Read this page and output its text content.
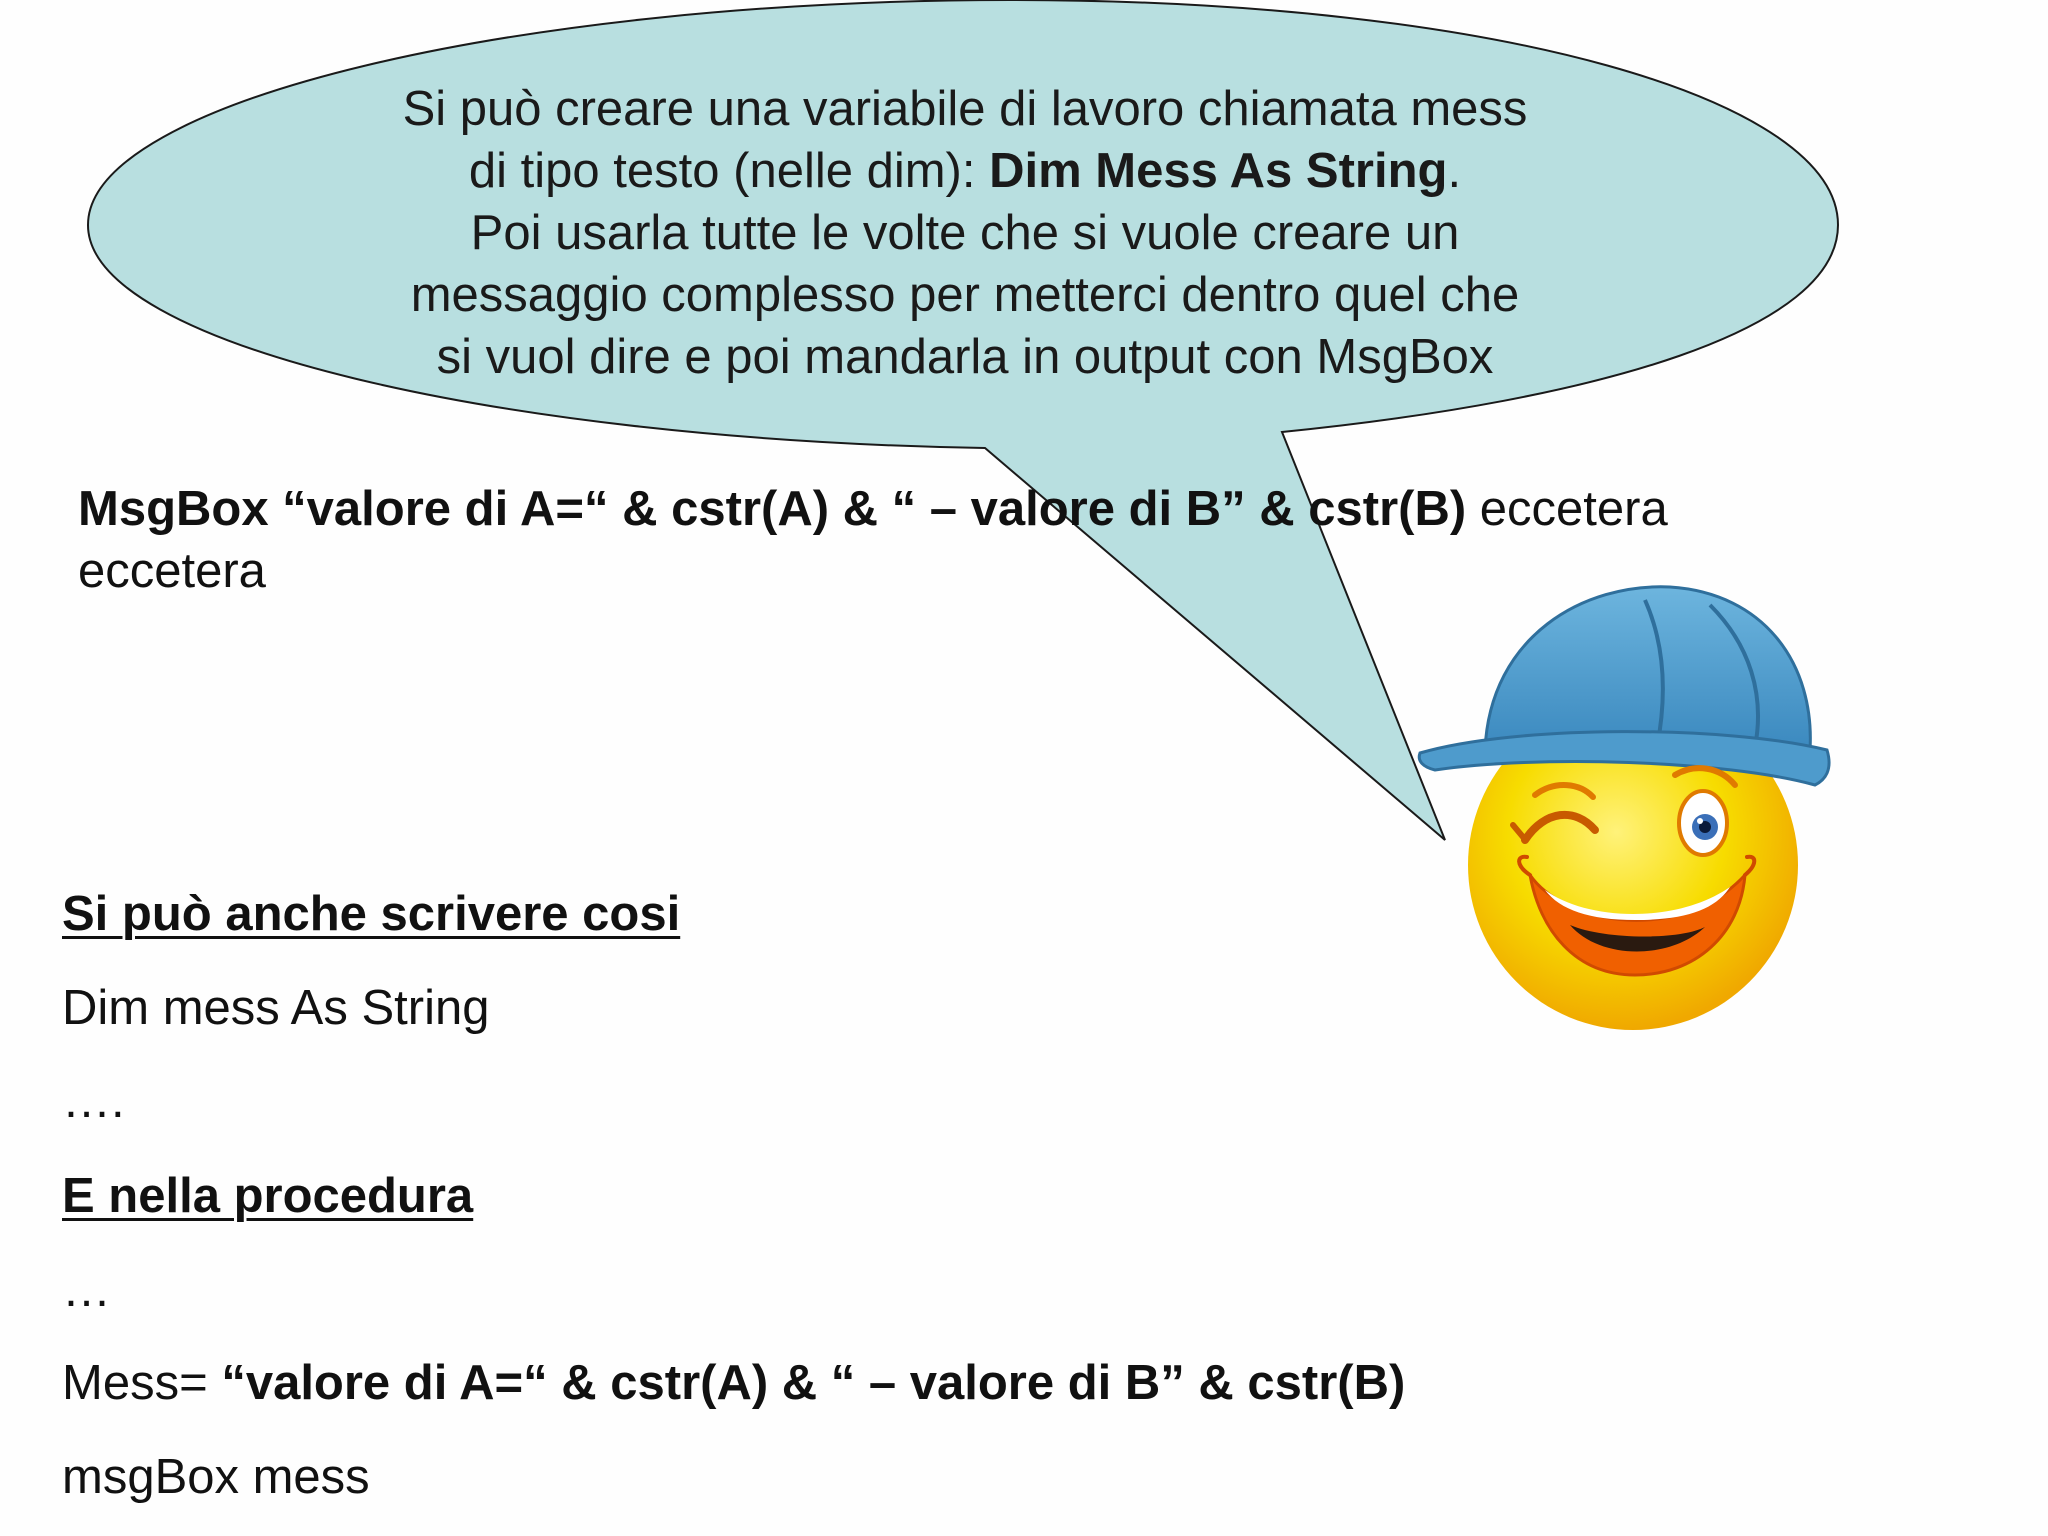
Si può creare una variabile di lavoro chiamata mess
di tipo testo (nelle dim): Dim Mess As String.
Poi usarla tutte le volte che si vuole creare un
messaggio complesso per metterci dentro quel che
si vuol dire e poi mandarla in output con MsgBox
MsgBox “valore di A=“ & cstr(A) & “ – valore di B” & cstr(B) eccetera
eccetera
Si può anche scrivere cosi
Dim mess As String
….
E nella procedura
…
Mess= “valore di A=“ & cstr(A) & “ – valore di B” & cstr(B)
msgBox mess
